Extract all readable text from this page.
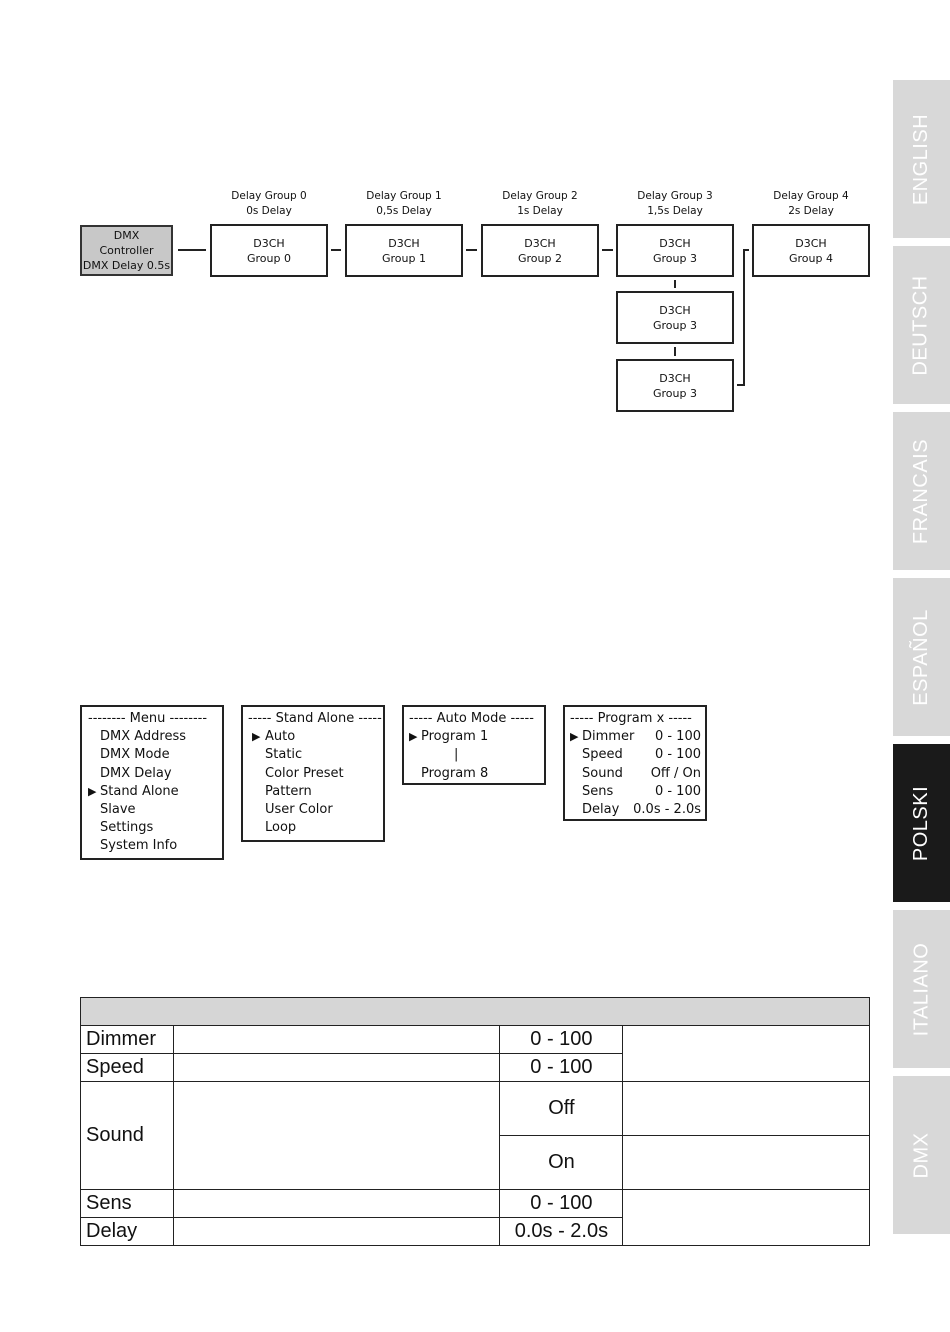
Delay Group 0
0s Delay
Delay Group 1
0,5s Delay
Delay Group 2
1s Delay
Delay Group 3
1,5s Delay
Delay Group 4
2s Delay
DMX
Controller
DMX Delay 0.5s
D3CH
Group 0
D3CH
Group 1
D3CH
Group 2
D3CH
Group 3
D3CH
Group 4
D3CH
Group 3
D3CH
Group 3
-------- Menu --------
DMX Address
DMX Mode
DMX Delay
▶ Stand Alone
Slave
Settings
System Info
----- Stand Alone -----
▶ Auto
Static
Color Preset
Pattern
User Color
Loop
----- Auto Mode -----
▶ Program 1
|
Program 8
----- Program x -----
▶ Dimmer 0 - 100
Speed 0 - 100
Sound Off / On
Sens	0 - 100
Delay 0.0s - 2.0s

Dimmer		0 - 100	
Speed		0 - 100	
Sound		Off	
		On	
Sens		0 - 100	
Delay		0.0s - 2.0s	
ENGLISH
DEUTSCH
FRANCAIS
ESPAÑOL
POLSKI
ITALIANO
DMX
